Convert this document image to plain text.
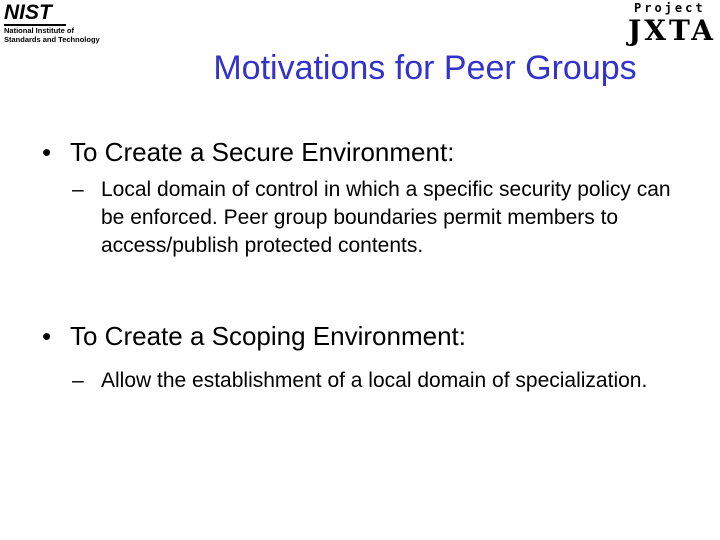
NIST
National Institute of
Standards and Technology
Project
JXTA
Motivations for Peer Groups
• To Create a Secure Environment:
– Local domain of control in which a specific security policy can be enforced. Peer group boundaries permit members to access/publish protected contents.
• To Create a Scoping Environment:
– Allow the establishment of a local domain of specialization.
